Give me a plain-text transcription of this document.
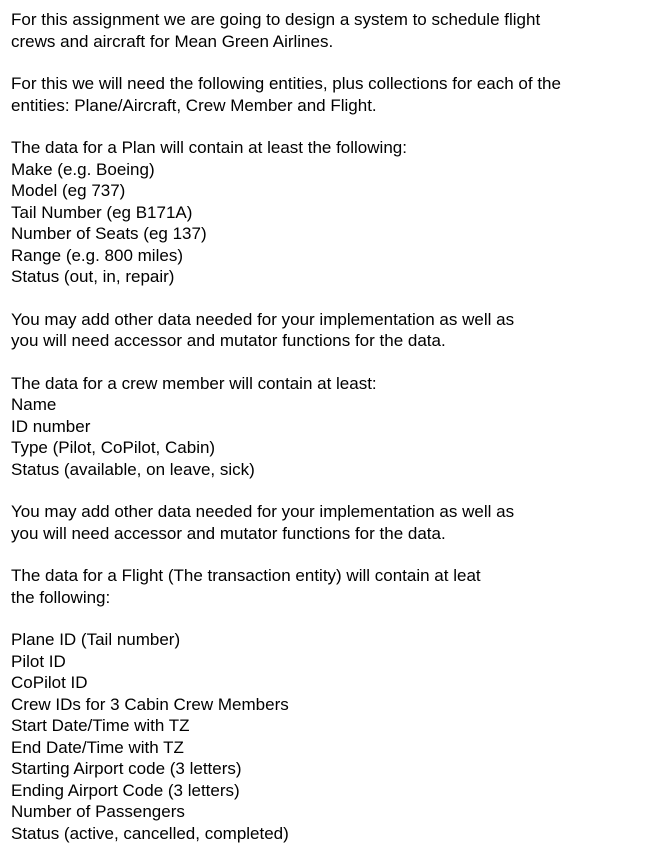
For this assignment we are going to design a system to schedule flight
crews and aircraft for Mean Green Airlines.

For this we will need the following entities, plus collections for each of the
entities: Plane/Aircraft, Crew Member and Flight.

The data for a Plan will contain at least the following:
Make (e.g. Boeing)
Model (eg 737)
Tail Number (eg B171A)
Number of Seats (eg 137)
Range (e.g. 800 miles)
Status (out, in, repair)

You may add other data needed for your implementation as well as
you will need accessor and mutator functions for the data.

The data for a crew member will contain at least:
Name
ID number
Type (Pilot, CoPilot, Cabin)
Status (available, on leave, sick)

You may add other data needed for your implementation as well as
you will need accessor and mutator functions for the data.

The data for a Flight (The transaction entity) will contain at leat
the following:

Plane ID (Tail number)
Pilot ID
CoPilot ID
Crew IDs for 3 Cabin Crew Members
Start Date/Time with TZ
End Date/Time with TZ
Starting Airport code (3 letters)
Ending Airport Code (3 letters)
Number of Passengers
Status (active, cancelled, completed)
